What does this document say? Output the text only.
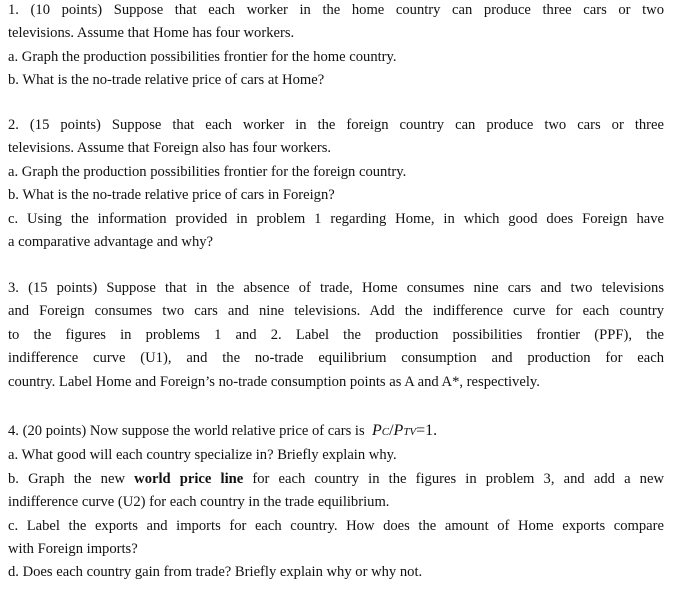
1. (10 points) Suppose that each worker in the home country can produce three cars or two
televisions. Assume that Home has four workers.
a. Graph the production possibilities frontier for the home country.
b. What is the no-trade relative price of cars at Home?
2. (15 points) Suppose that each worker in the foreign country can produce two cars or three
televisions. Assume that Foreign also has four workers.
a. Graph the production possibilities frontier for the foreign country.
b. What is the no-trade relative price of cars in Foreign?
c. Using the information provided in problem 1 regarding Home, in which good does Foreign have
a comparative advantage and why?
3. (15 points) Suppose that in the absence of trade, Home consumes nine cars and two televisions
and Foreign consumes two cars and nine televisions. Add the indifference curve for each country
to the figures in problems 1 and 2. Label the production possibilities frontier (PPF), the
indifference curve (U1), and the no-trade equilibrium consumption and production for each
country. Label Home and Foreign’s no-trade consumption points as A and A*, respectively.
4. (20 points) Now suppose the world relative price of cars is PC/PTV=1.
a. What good will each country specialize in? Briefly explain why.
b. Graph the new world price line for each country in the figures in problem 3, and add a new
indifference curve (U2) for each country in the trade equilibrium.
c. Label the exports and imports for each country. How does the amount of Home exports compare
with Foreign imports?
d. Does each country gain from trade? Briefly explain why or why not.
